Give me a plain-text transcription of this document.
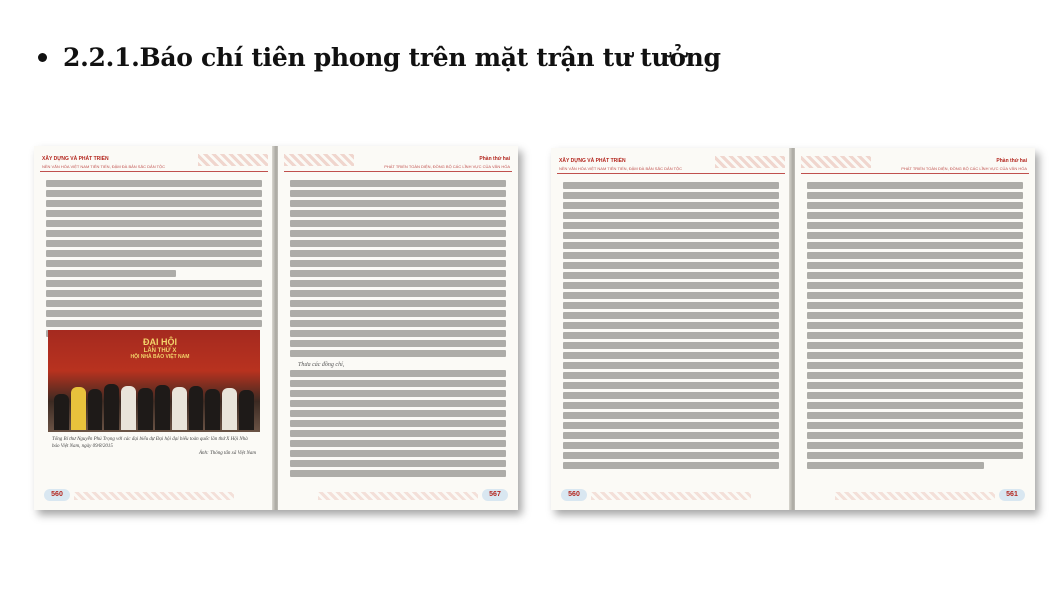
2.2.1.Báo chí tiên phong trên mặt trận tư tưởng
XÂY DỰNG VÀ PHÁT TRIỂN
NỀN VĂN HÓA VIỆT NAM TIÊN TIẾN, ĐẬM ĐÀ BẢN SẮC DÂN TỘC
ĐẠI HỘI
LẦN THỨ X
HỘI NHÀ BÁO VIỆT NAM
Tổng Bí thư Nguyễn Phú Trọng với các đại biểu dự Đại hội đại biểu toàn quốc lần thứ X Hội Nhà báo Việt Nam, ngày 09/8/2015
Ảnh: Thông tấn xã Việt Nam
560
Phần thứ hai
PHÁT TRIỂN TOÀN DIỆN, ĐỒNG BỘ CÁC LĨNH VỰC CỦA VĂN HÓA
Thưa các đồng chí,
567
XÂY DỰNG VÀ PHÁT TRIỂN
NỀN VĂN HÓA VIỆT NAM TIÊN TIẾN, ĐẬM ĐÀ BẢN SẮC DÂN TỘC
560
Phần thứ hai
PHÁT TRIỂN TOÀN DIỆN, ĐỒNG BỘ CÁC LĨNH VỰC CỦA VĂN HÓA
561
